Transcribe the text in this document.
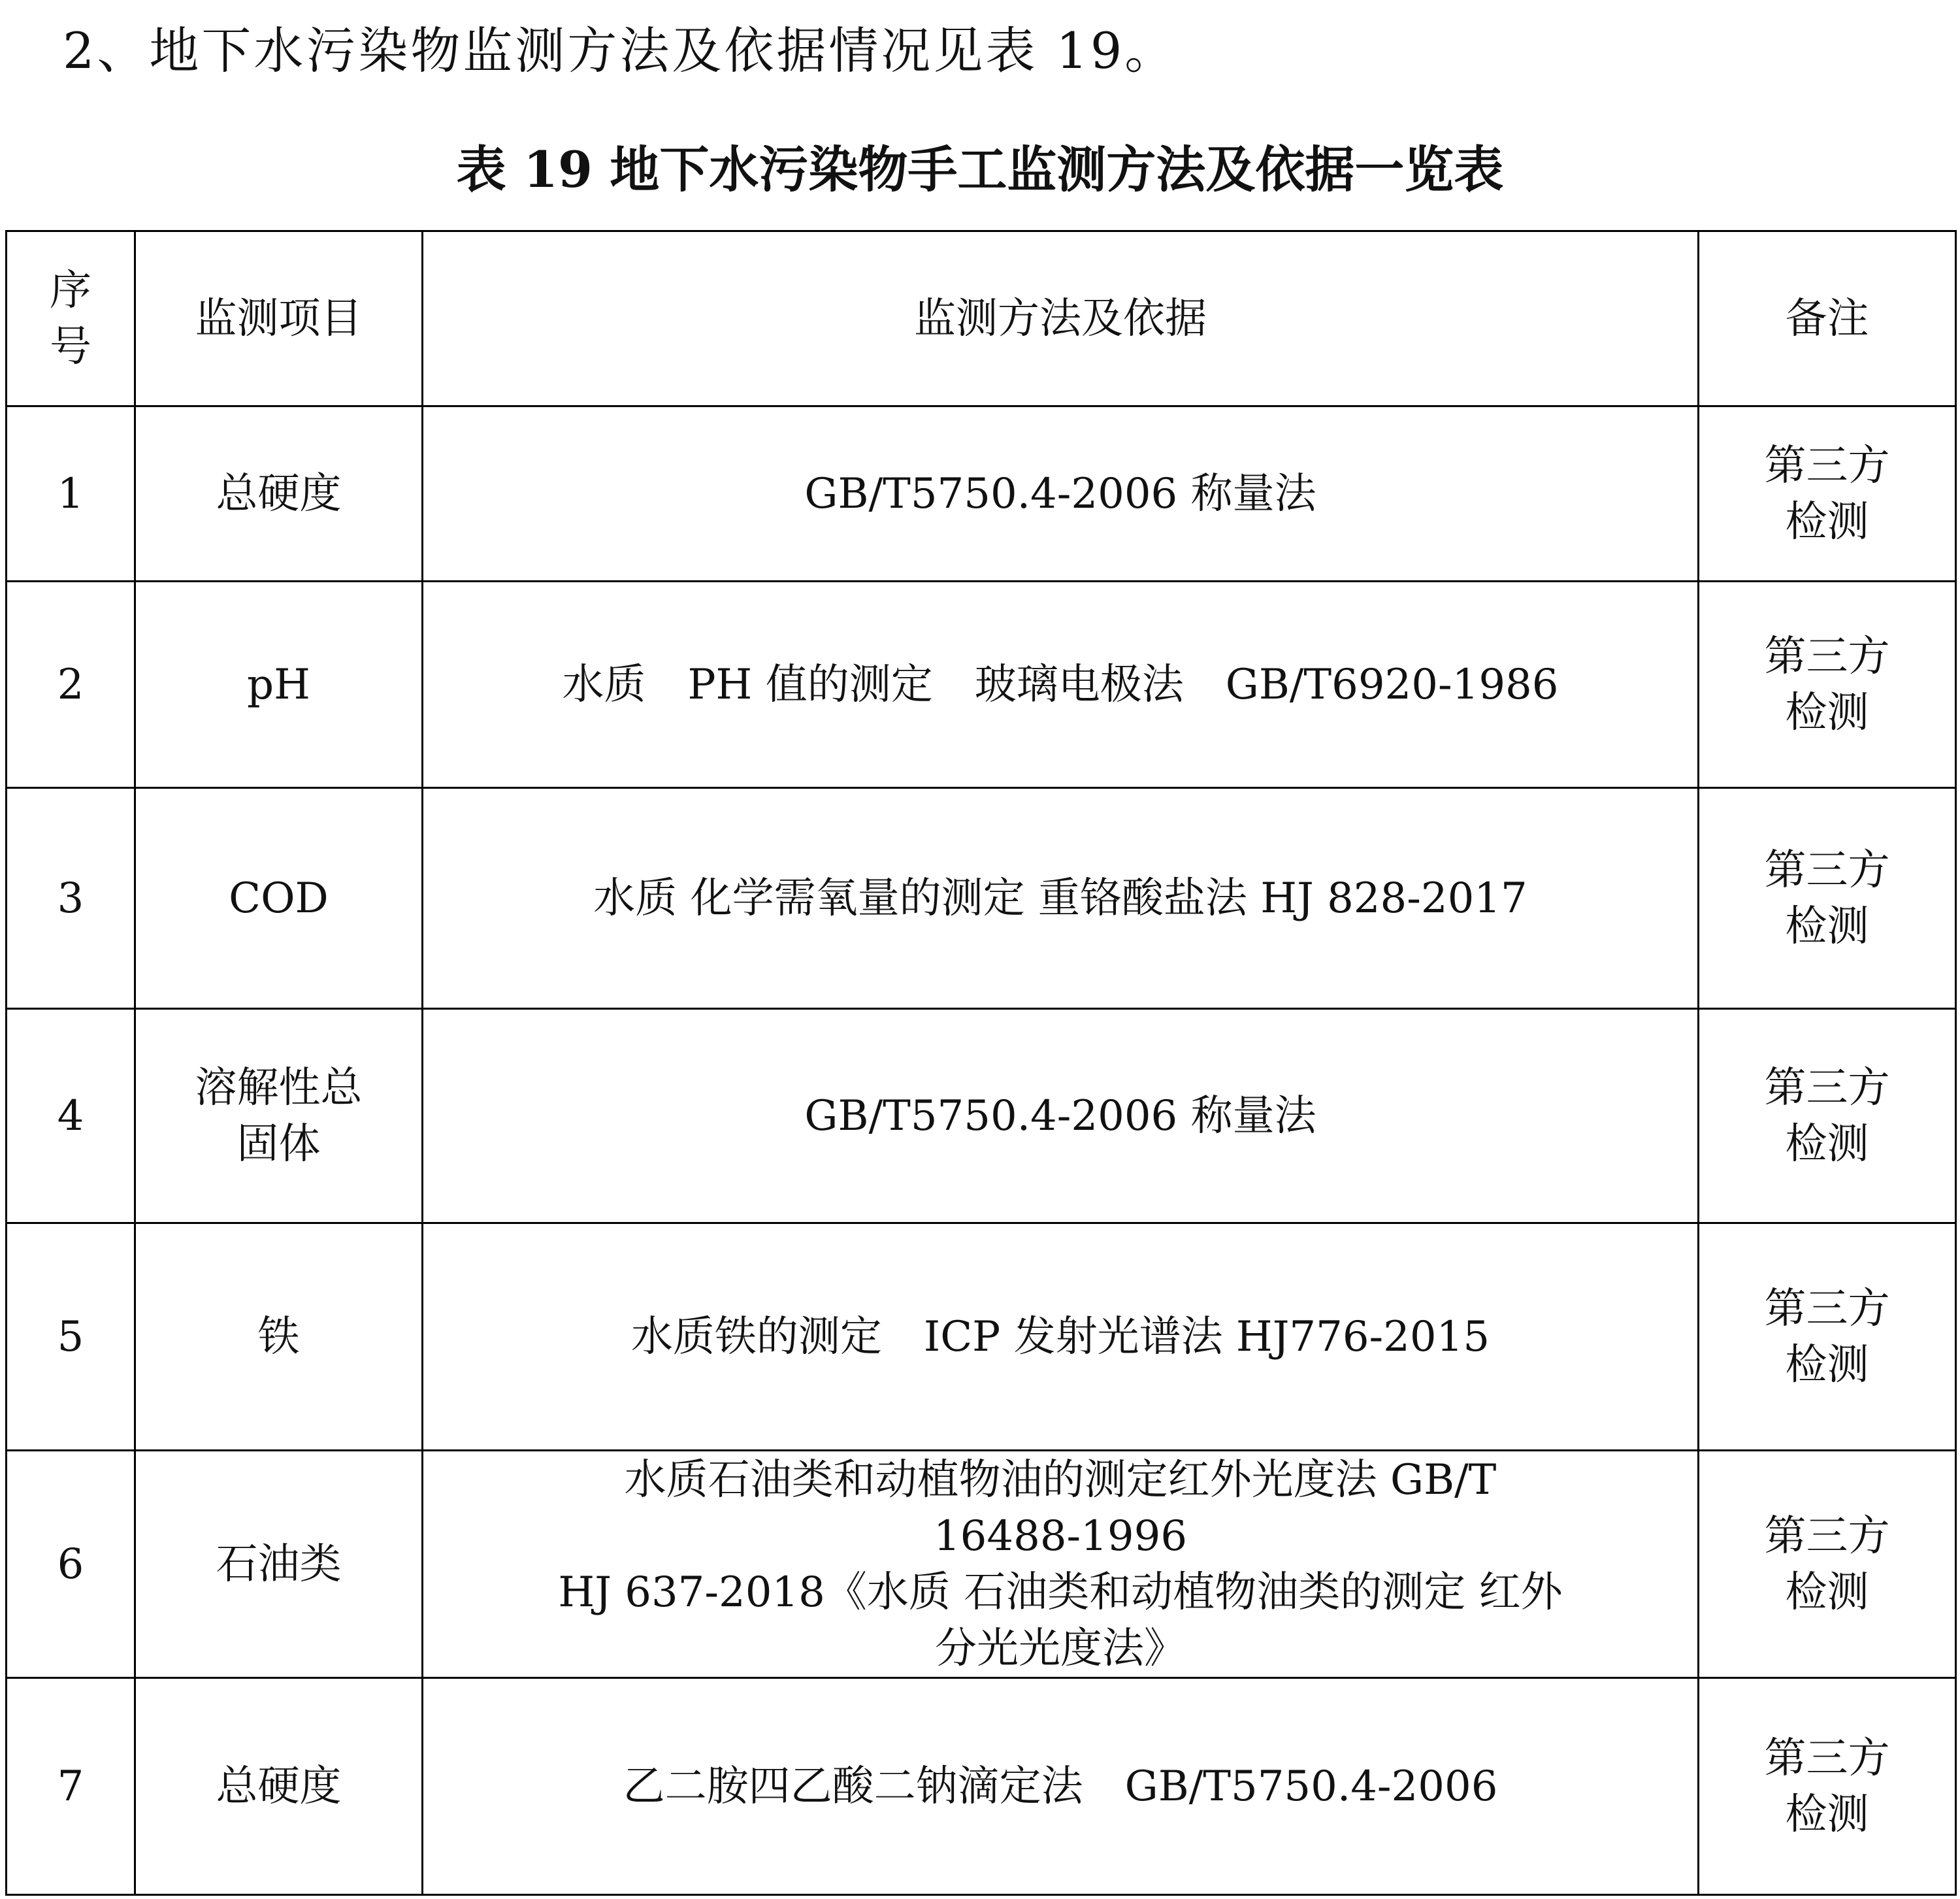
2、地下水污染物监测方法及依据情况见表 19。
表 19 地下水污染物手工监测方法及依据一览表
序号	监测项目	监测方法及依据	备注
1	总硬度	GB/T5750.4-2006 称量法	第三方检测
2	pH	水质　PH 值的测定　玻璃电极法　GB/T6920-1986	第三方检测
3	COD	水质 化学需氧量的测定 重铬酸盐法 HJ 828-2017	第三方检测
4	溶解性总固体	GB/T5750.4-2006 称量法	第三方检测
5	铁	水质铁的测定　ICP 发射光谱法 HJ776-2015	第三方检测
6	石油类	水质石油类和动植物油的测定红外光度法 GB/T
16488-1996
HJ 637-2018《水质 石油类和动植物油类的测定 红外
分光光度法》	第三方检测
7	总硬度	乙二胺四乙酸二钠滴定法　GB/T5750.4-2006	第三方检测
